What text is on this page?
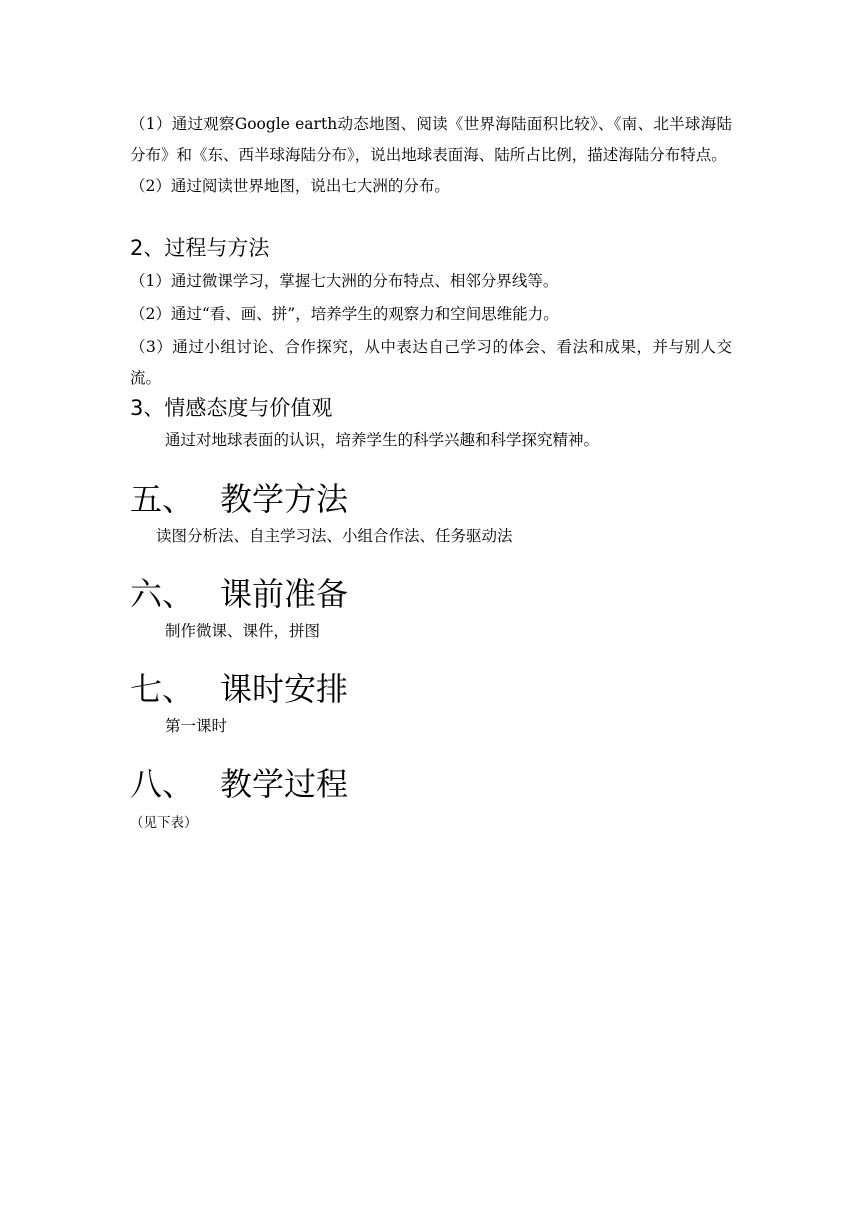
（1）通过观察Google earth动态地图、阅读《世界海陆面积比较》、《南、北半球海陆分布》和《东、西半球海陆分布》，说出地球表面海、陆所占比例，描述海陆分布特点。

（2）通过阅读世界地图，说出七大洲的分布。

2、过程与方法

（1）通过微课学习，掌握七大洲的分布特点、相邻分界线等。

（2）通过“看、画、拼”，培养学生的观察力和空间思维能力。

（3）通过小组讨论、合作探究，从中表达自己学习的体会、看法和成果，并与别人交流。

3、情感态度与价值观

通过对地球表面的认识，培养学生的科学兴趣和科学探究精神。

五、 教学方法

读图分析法、自主学习法、小组合作法、任务驱动法

六、 课前准备

制作微课、课件，拼图

七、 课时安排

第一课时

八、 教学过程

（见下表）
